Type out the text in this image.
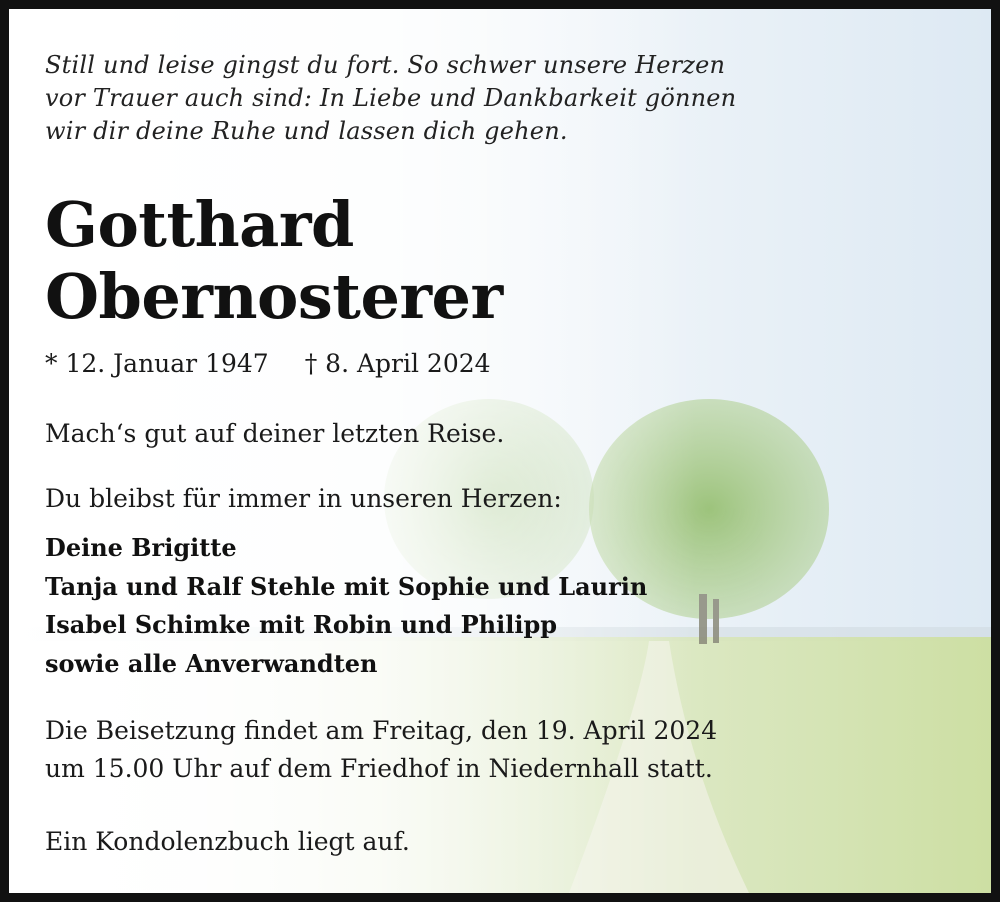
Still und leise gingst du fort. So schwer unsere Herzen
vor Trauer auch sind: In Liebe und Dankbarkeit gönnen
wir dir deine Ruhe und lassen dich gehen.
Gotthard
Obernosterer
* 12. Januar 1947 † 8. April 2024
Mach‘s gut auf deiner letzten Reise.
Du bleibst für immer in unseren Herzen:
Deine Brigitte
Tanja und Ralf Stehle mit Sophie und Laurin
Isabel Schimke mit Robin und Philipp
sowie alle Anverwandten
Die Beisetzung findet am Freitag, den 19. April 2024
um 15.00 Uhr auf dem Friedhof in Niedernhall statt.
Ein Kondolenzbuch liegt auf.
